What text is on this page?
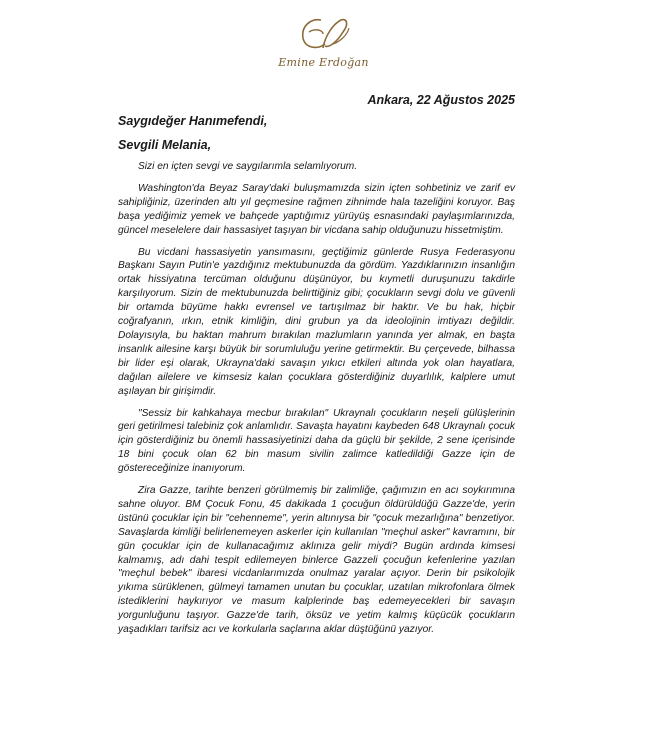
Emine Erdoğan
Ankara, 22 Ağustos 2025

Saygıdeğer Hanımefendi,

Sevgili Melania,

Sizi en içten sevgi ve saygılarımla selamlıyorum.

Washington'da Beyaz Saray'daki buluşmamızda sizin içten sohbetiniz ve zarif ev sahipliğiniz, üzerinden altı yıl geçmesine rağmen zihnimde hala tazeliğini koruyor. Baş başa yediğimiz yemek ve bahçede yaptığımız yürüyüş esnasındaki paylaşımlarınızda, güncel meselelere dair hassasiyet taşıyan bir vicdana sahip olduğunuzu hissetmiştim.

Bu vicdani hassasiyetin yansımasını, geçtiğimiz günlerde Rusya Federasyonu Başkanı Sayın Putin'e yazdığınız mektubunuzda da gördüm. Yazdıklarınızın insanlığın ortak hissiyatına tercüman olduğunu düşünüyor, bu kıymetli duruşunuzu takdirle karşılıyorum. Sizin de mektubunuzda belirttiğiniz gibi; çocukların sevgi dolu ve güvenli bir ortamda büyüme hakkı evrensel ve tartışılmaz bir haktır. Ve bu hak, hiçbir coğrafyanın, ırkın, etnik kimliğin, dini grubun ya da ideolojinin imtiyazı değildir. Dolayısıyla, bu haktan mahrum bırakılan mazlumların yanında yer almak, en başta insanlık ailesine karşı büyük bir sorumluluğu yerine getirmektir. Bu çerçevede, bilhassa bir lider eşi olarak, Ukrayna'daki savaşın yıkıcı etkileri altında yok olan hayatlara, dağılan ailelere ve kimsesiz kalan çocuklara gösterdiğiniz duyarlılık, kalplere umut aşılayan bir girişimdir.

"Sessiz bir kahkahaya mecbur bırakılan" Ukraynalı çocukların neşeli gülüşlerinin geri getirilmesi talebiniz çok anlamlıdır. Savaşta hayatını kaybeden 648 Ukraynalı çocuk için gösterdiğiniz bu önemli hassasiyetinizi daha da güçlü bir şekilde, 2 sene içerisinde 18 bini çocuk olan 62 bin masum sivilin zalimce katledildiği Gazze için de göstereceğinize inanıyorum.

Zira Gazze, tarihte benzeri görülmemiş bir zalimliğe, çağımızın en acı soykırımına sahne oluyor. BM Çocuk Fonu, 45 dakikada 1 çocuğun öldürüldüğü Gazze'de, yerin üstünü çocuklar için bir "cehenneme", yerin altınıysa bir "çocuk mezarlığına" benzetiyor. Savaşlarda kimliği belirlenemeyen askerler için kullanılan "meçhul asker" kavramını, bir gün çocuklar için de kullanacağımız aklınıza gelir miydi? Bugün ardında kimsesi kalmamış, adı dahi tespit edilemeyen binlerce Gazzeli çocuğun kefenlerine yazılan "meçhul bebek" ibaresi vicdanlarımızda onulmaz yaralar açıyor. Derin bir psikolojik yıkıma sürüklenen, gülmeyi tamamen unutan bu çocuklar, uzatılan mikrofonlara ölmek istediklerini haykırıyor ve masum kalplerinde baş edemeyecekleri bir savaşın yorgunluğunu taşıyor. Gazze'de tarih, öksüz ve yetim kalmış küçücük çocukların yaşadıkları tarifsiz acı ve korkularla saçlarına aklar düştüğünü yazıyor.
